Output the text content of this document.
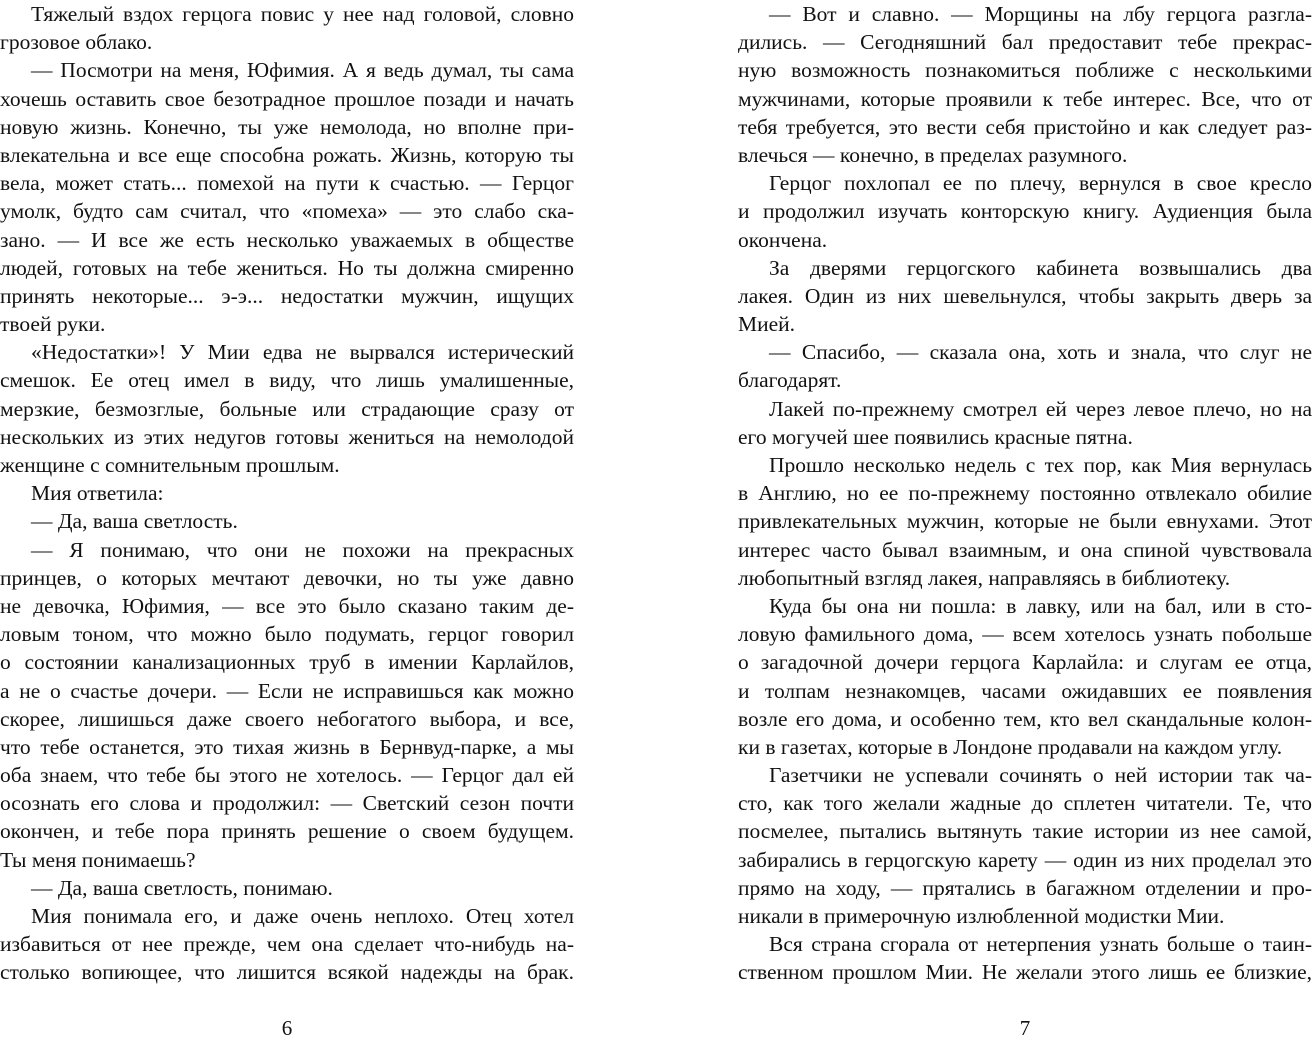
Тяжелый вздох герцога повис у нее над головой, словно
грозовое облако.
— Посмотри на меня, Юфимия. А я ведь думал, ты сама
хочешь оставить свое безотрадное прошлое позади и начать
новую жизнь. Конечно, ты уже немолода, но вполне при-
влекательна и все еще способна рожать. Жизнь, которую ты
вела, может стать... помехой на пути к счастью. — Герцог
умолк, будто сам считал, что «помеха» — это слабо ска-
зано. — И все же есть несколько уважаемых в обществе
людей, готовых на тебе жениться. Но ты должна смиренно
принять некоторые... э-э... недостатки мужчин, ищущих
твоей руки.
«Недостатки»! У Мии едва не вырвался истерический
смешок. Ее отец имел в виду, что лишь умалишенные,
мерзкие, безмозглые, больные или страдающие сразу от
нескольких из этих недугов готовы жениться на немолодой
женщине с сомнительным прошлым.
Мия ответила:
— Да, ваша светлость.
— Я понимаю, что они не похожи на прекрасных
принцев, о которых мечтают девочки, но ты уже давно
не девочка, Юфимия, — все это было сказано таким де-
ловым тоном, что можно было подумать, герцог говорил
о состоянии канализационных труб в имении Карлайлов,
а не о счастье дочери. — Если не исправишься как можно
скорее, лишишься даже своего небогатого выбора, и все,
что тебе останется, это тихая жизнь в Бернвуд-парке, а мы
оба знаем, что тебе бы этого не хотелось. — Герцог дал ей
осознать его слова и продолжил: — Светский сезон почти
окончен, и тебе пора принять решение о своем будущем.
Ты меня понимаешь?
— Да, ваша светлость, понимаю.
Мия понимала его, и даже очень неплохо. Отец хотел
избавиться от нее прежде, чем она сделает что-нибудь на-
столько вопиющее, что лишится всякой надежды на брак.
6
— Вот и славно. — Морщины на лбу герцога разгла-
дились. — Сегодняшний бал предоставит тебе прекрас-
ную возможность познакомиться поближе с несколькими
мужчинами, которые проявили к тебе интерес. Все, что от
тебя требуется, это вести себя пристойно и как следует раз-
влечься — конечно, в пределах разумного.
Герцог похлопал ее по плечу, вернулся в свое кресло
и продолжил изучать конторскую книгу. Аудиенция была
окончена.
За дверями герцогского кабинета возвышались два
лакея. Один из них шевельнулся, чтобы закрыть дверь за
Мией.
— Спасибо, — сказала она, хоть и знала, что слуг не
благодарят.
Лакей по-прежнему смотрел ей через левое плечо, но на
его могучей шее появились красные пятна.
Прошло несколько недель с тех пор, как Мия вернулась
в Англию, но ее по-прежнему постоянно отвлекало обилие
привлекательных мужчин, которые не были евнухами. Этот
интерес часто бывал взаимным, и она спиной чувствовала
любопытный взгляд лакея, направляясь в библиотеку.
Куда бы она ни пошла: в лавку, или на бал, или в сто-
ловую фамильного дома, — всем хотелось узнать побольше
о загадочной дочери герцога Карлайла: и слугам ее отца,
и толпам незнакомцев, часами ожидавших ее появления
возле его дома, и особенно тем, кто вел скандальные колон-
ки в газетах, которые в Лондоне продавали на каждом углу.
Газетчики не успевали сочинять о ней истории так ча-
сто, как того желали жадные до сплетен читатели. Те, что
посмелее, пытались вытянуть такие истории из нее самой,
забирались в герцогскую карету — один из них проделал это
прямо на ходу, — прятались в багажном отделении и про-
никали в примерочную излюбленной модистки Мии.
Вся страна сгорала от нетерпения узнать больше о таин-
ственном прошлом Мии. Не желали этого лишь ее близкие,
7
